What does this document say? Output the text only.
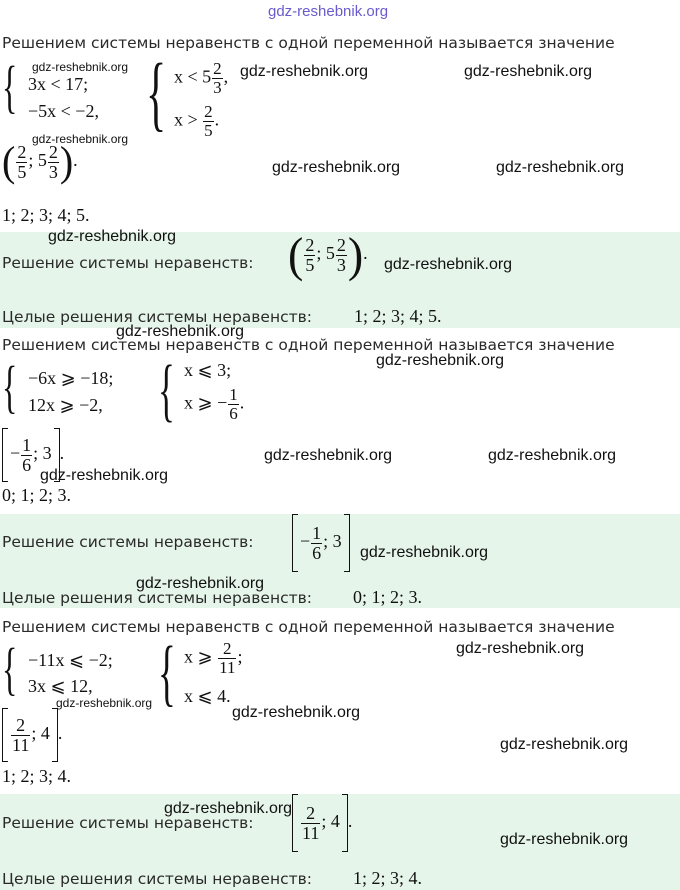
gdz-reshebnik.org
Решением системы неравенств с одной переменной называется значение
{ 3x < 17;
−5x < −2, { $x < 5 \frac{2}{3}$ ,
$x > \frac{2}{5}$ .
( $\frac{2}{5}$ ; $5 \frac{2}{3}$ ).
1; 2; 3; 4; 5.
Решение системы неравенств: ( $\frac{2}{5}$ ; $5 \frac{2}{3}$ ).
Целые решения системы неравенств: 1; 2; 3; 4; 5.
Решением системы неравенств с одной переменной называется значение
{ −6x ⩾ −18;
12x ⩾ −2, { x ⩽ 3;
x ⩾ − $\frac{1}{6}$ .
− $\frac{1}{6}$ ; 3 .
0; 1; 2; 3.
Решение системы неравенств:	− $\frac{1}{6}$ ; 3
Целые решения системы неравенств: 0; 1; 2; 3.
Решением системы неравенств с одной переменной называется значение
{ −11x ⩽ −2;
3x ⩽ 12, { x ⩾ $\frac{2}{11}$ ;
x ⩽ 4.
$\frac{2}{11}$ ; 4 .
1; 2; 3; 4.
Решение системы неравенств:	$\frac{2}{11}$ ; 4 .
Целые решения системы неравенств: 1; 2; 3; 4.
gdz-reshebnik.org	gdz-reshebnik.org	gdz-reshebnik.org
gdz-reshebnik.org
gdz-reshebnik.org	gdz-reshebnik.org
gdz-reshebnik.org
gdz-reshebnik.org
gdz-reshebnik.org
gdz-reshebnik.org
gdz-reshebnik.org	gdz-reshebnik.org
gdz-reshebnik.org
gdz-reshebnik.org
gdz-reshebnik.org
gdz-reshebnik.org
gdz-reshebnik.org
gdz-reshebnik.org
gdz-reshebnik.org
gdz-reshebnik.org
gdz-reshebnik.org
